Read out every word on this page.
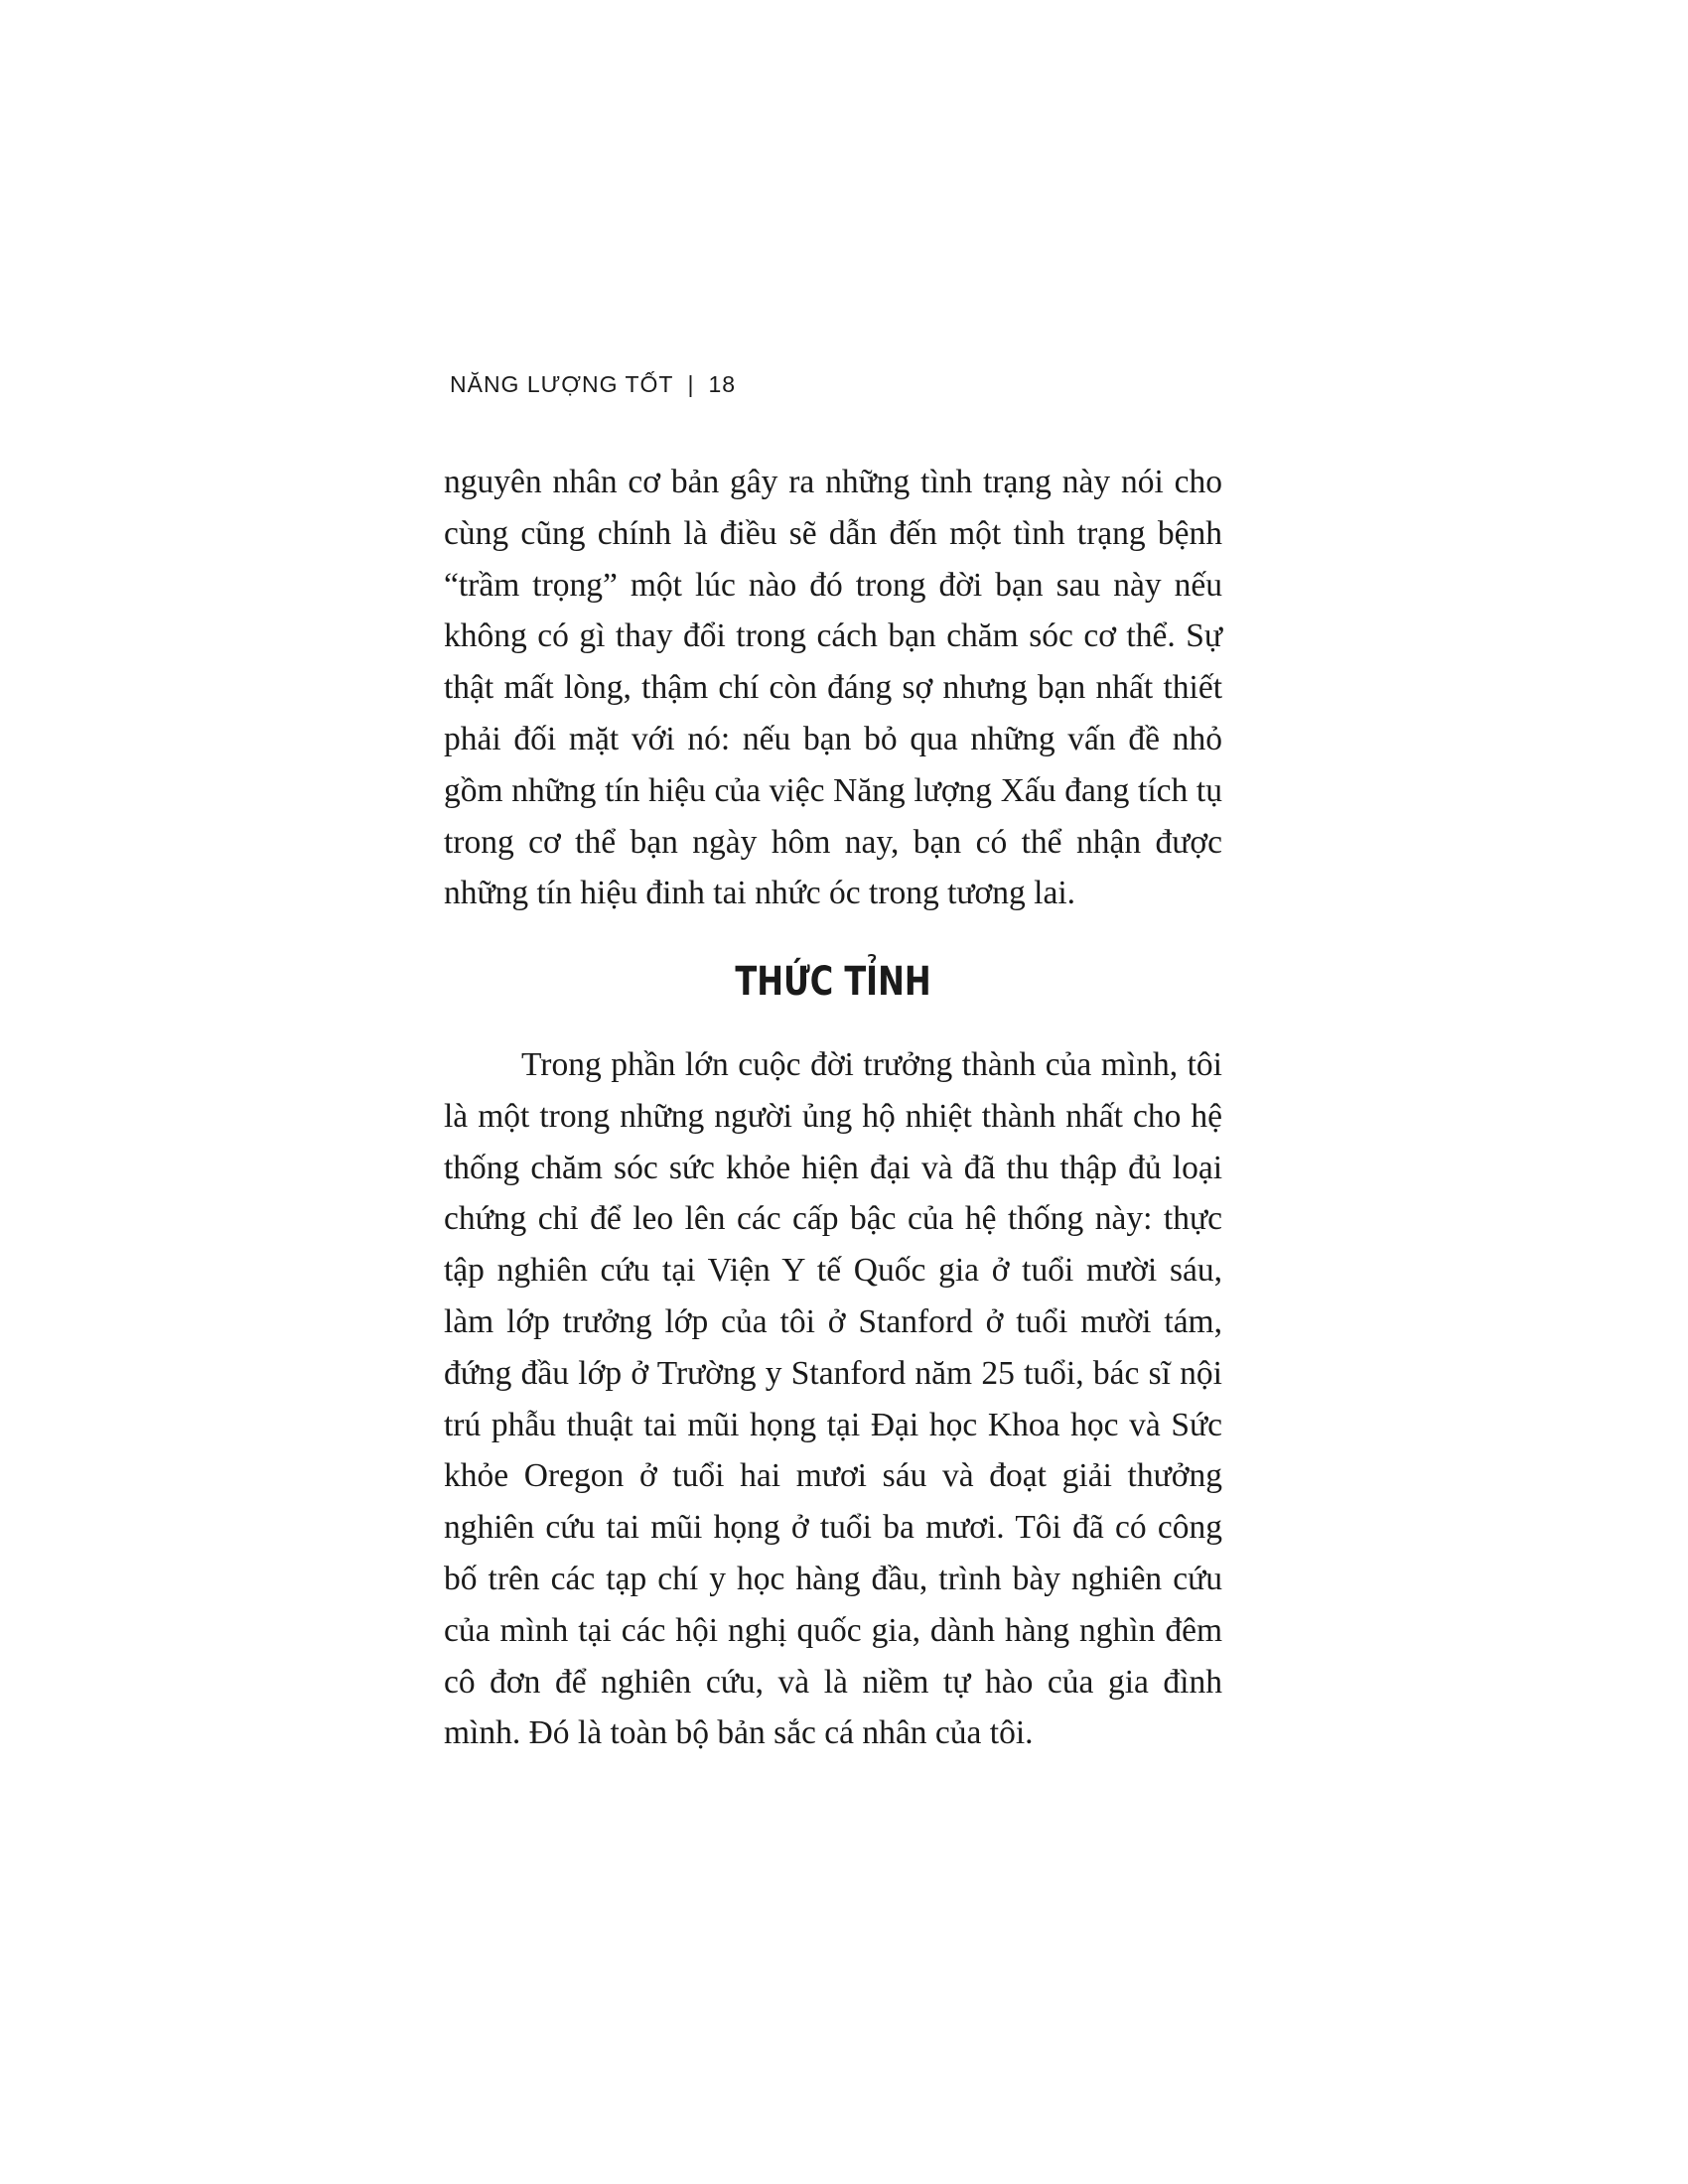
NĂNG LƯỢNG TỐT | 18

nguyên nhân cơ bản gây ra những tình trạng này nói cho cùng cũng chính là điều sẽ dẫn đến một tình trạng bệnh “trầm trọng” một lúc nào đó trong đời bạn sau này nếu không có gì thay đổi trong cách bạn chăm sóc cơ thể. Sự thật mất lòng, thậm chí còn đáng sợ nhưng bạn nhất thiết phải đối mặt với nó: nếu bạn bỏ qua những vấn đề nhỏ gồm những tín hiệu của việc Năng lượng Xấu đang tích tụ trong cơ thể bạn ngày hôm nay, bạn có thể nhận được những tín hiệu đinh tai nhức óc trong tương lai.

THỨC TỈNH

Trong phần lớn cuộc đời trưởng thành của mình, tôi là một trong những người ủng hộ nhiệt thành nhất cho hệ thống chăm sóc sức khỏe hiện đại và đã thu thập đủ loại chứng chỉ để leo lên các cấp bậc của hệ thống này: thực tập nghiên cứu tại Viện Y tế Quốc gia ở tuổi mười sáu, làm lớp trưởng lớp của tôi ở Stanford ở tuổi mười tám, đứng đầu lớp ở Trường y Stanford năm 25 tuổi, bác sĩ nội trú phẫu thuật tai mũi họng tại Đại học Khoa học và Sức khỏe Oregon ở tuổi hai mươi sáu và đoạt giải thưởng nghiên cứu tai mũi họng ở tuổi ba mươi. Tôi đã có công bố trên các tạp chí y học hàng đầu, trình bày nghiên cứu của mình tại các hội nghị quốc gia, dành hàng nghìn đêm cô đơn để nghiên cứu, và là niềm tự hào của gia đình mình. Đó là toàn bộ bản sắc cá nhân của tôi.
